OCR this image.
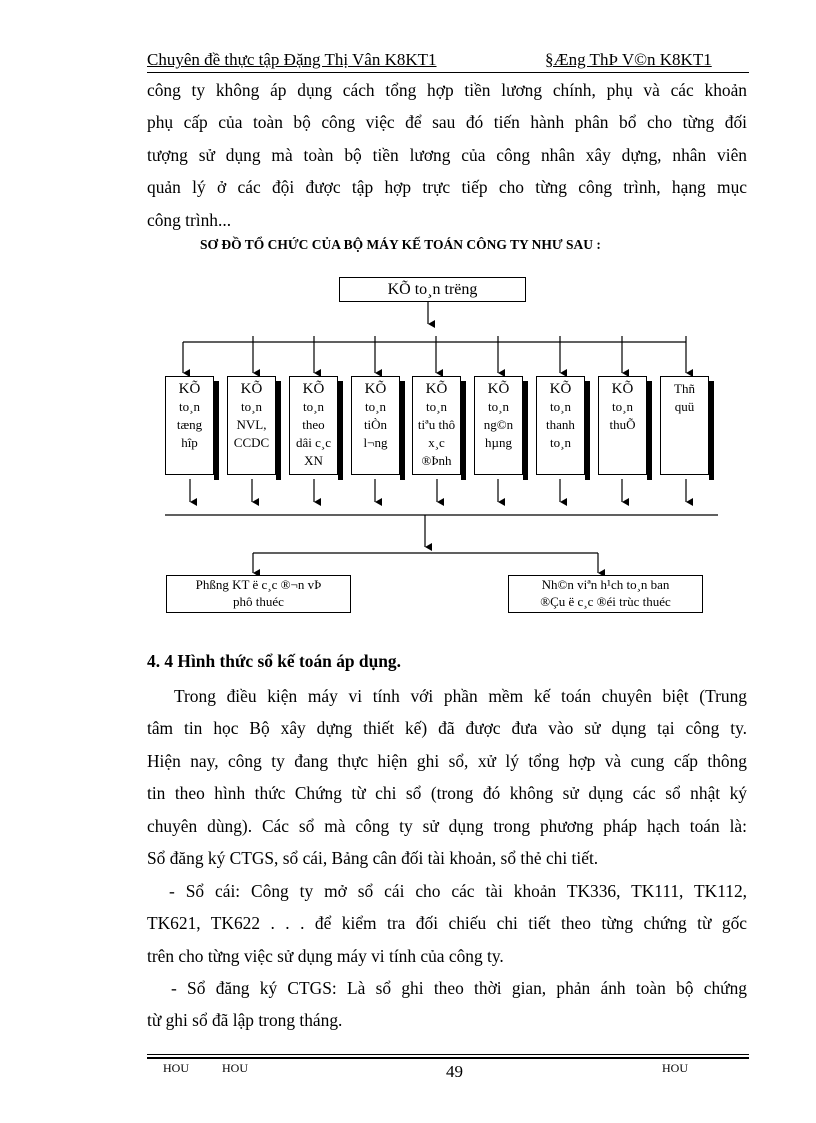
Chuyên đề thực tập Đặng Thị Vân K8KT1	§Æng ThÞ V©n K8KT1
công ty không áp dụng cách tổng hợp tiền lương chính, phụ và các khoản
phụ cấp của toàn bộ công việc để sau đó tiến hành phân bổ cho từng đối
tượng sử dụng mà toàn bộ tiền lương của công nhân xây dựng, nhân viên
quản lý ở các đội được tập hợp trực tiếp cho từng công trình, hạng mục
công trình...
SƠ ĐỒ TỔ CHỨC CỦA BỘ MÁY KẾ TOÁN CÔNG TY NHƯ SAU :
KÕ to¸n trëng
KÕ
to¸n
tæng
hîp
KÕ
to¸n
NVL,
CCDC
KÕ
to¸n
theo
dâi c¸c
XN
KÕ
to¸n
tiÒn
l¬ng
KÕ
to¸n
tiªu thô
x¸c
®Þnh
KÕ
to¸n
ng©n
hµng
KÕ
to¸n
thanh
to¸n
KÕ
to¸n
thuÕ
Thñ
quü
Phßng KT ë c¸c ®¬n vÞ
phô thuéc
Nh©n viªn h¹ch to¸n ban
®Çu ë c¸c ®éi trùc thuéc
4. 4 Hình thức sổ kế toán áp dụng.
Trong điều kiện máy vi tính với phần mềm kế toán chuyên biệt (Trung
tâm tin học Bộ xây dựng thiết kế) đã được đưa vào sử dụng tại công ty.
Hiện nay, công ty đang thực hiện ghi sổ, xử lý tổng hợp và cung cấp thông
tin theo hình thức Chứng từ chi sổ (trong đó không sử dụng các sổ nhật ký
chuyên dùng). Các sổ mà công ty sử dụng trong phương pháp hạch toán là:
Sổ đăng ký CTGS, sổ cái, Bảng cân đối tài khoản, sổ thẻ chi tiết.
- Sổ cái: Công ty mở sổ cái cho các tài khoản TK336, TK111, TK112,
TK621, TK622 . . . để kiểm tra đối chiếu chi tiết theo từng chứng từ gốc
trên cho từng việc sử dụng máy vi tính của công ty.
- Sổ đăng ký CTGS: Là sổ ghi theo thời gian, phản ánh toàn bộ chứng
từ ghi sổ đã lập trong tháng.
HOU	HOU	49	HOU
